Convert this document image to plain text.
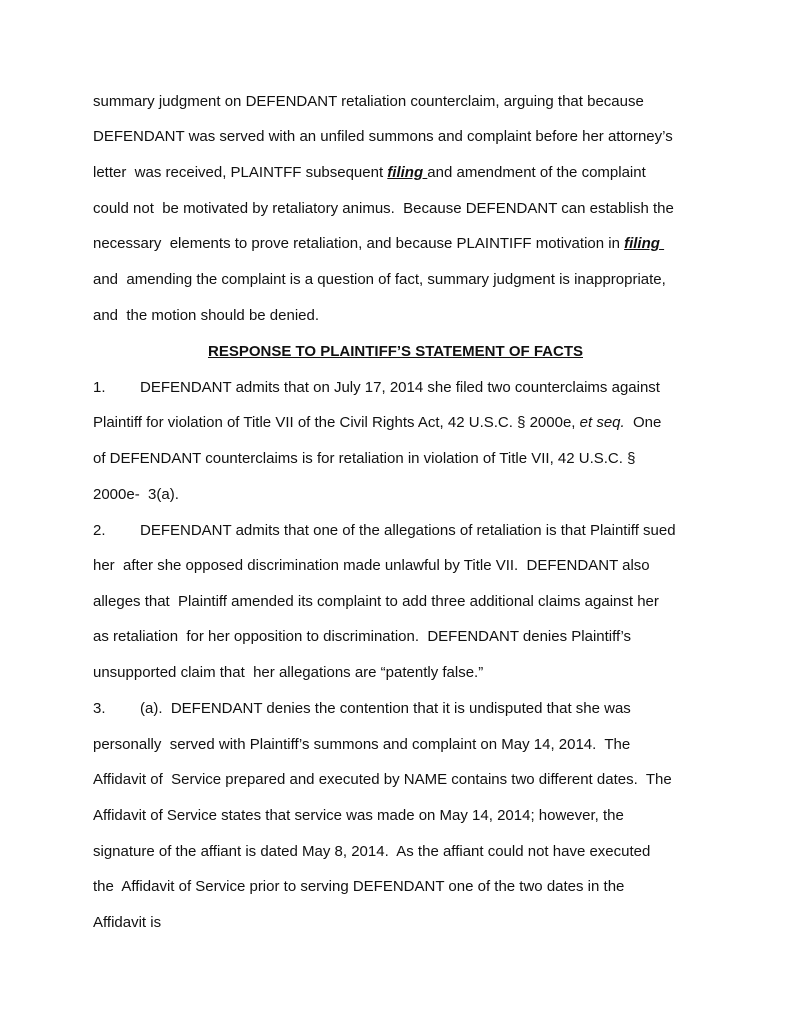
summary judgment on DEFENDANT retaliation counterclaim, arguing that because
DEFENDANT was served with an unfiled summons and complaint before her attorney’s
letter  was received, PLAINTFF subsequent filing and amendment of the complaint
could not  be motivated by retaliatory animus.  Because DEFENDANT can establish the
necessary  elements to prove retaliation, and because PLAINTIFF motivation in filing
and  amending the complaint is a question of fact, summary judgment is inappropriate,
and  the motion should be denied.
RESPONSE TO PLAINTIFF’S STATEMENT OF FACTS
1. DEFENDANT admits that on July 17, 2014 she filed two counterclaims against
Plaintiff for violation of Title VII of the Civil Rights Act, 42 U.S.C. § 2000e, et seq.  One
of DEFENDANT counterclaims is for retaliation in violation of Title VII, 42 U.S.C. §
2000e-  3(a).
2. DEFENDANT admits that one of the allegations of retaliation is that Plaintiff sued
her  after she opposed discrimination made unlawful by Title VII.  DEFENDANT also
alleges that  Plaintiff amended its complaint to add three additional claims against her
as retaliation  for her opposition to discrimination.  DEFENDANT denies Plaintiff’s
unsupported claim that  her allegations are “patently false.”
3. (a).  DEFENDANT denies the contention that it is undisputed that she was
personally  served with Plaintiff’s summons and complaint on May 14, 2014.  The
Affidavit of  Service prepared and executed by NAME contains two different dates.  The
Affidavit of Service states that service was made on May 14, 2014; however, the
signature of the affiant is dated May 8, 2014.  As the affiant could not have executed
the  Affidavit of Service prior to serving DEFENDANT one of the two dates in the
Affidavit is
